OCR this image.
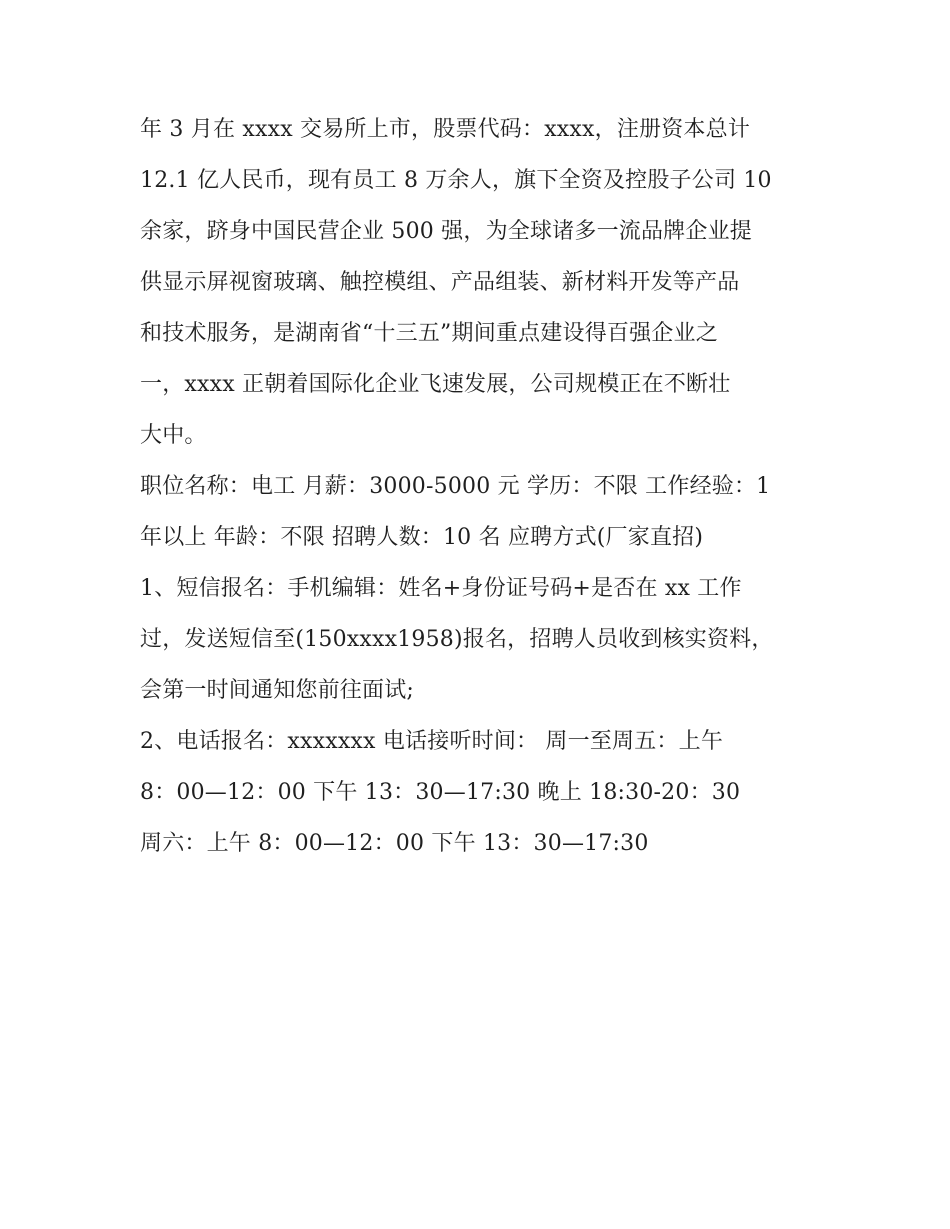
年 3 月在 xxxx 交易所上市，股票代码：xxxx，注册资本总计
12.1 亿人民币，现有员工 8 万余人，旗下全资及控股子公司 10
余家，跻身中国民营企业 500 强，为全球诸多一流品牌企业提
供显示屏视窗玻璃、触控模组、产品组装、新材料开发等产品
和技术服务，是湖南省“十三五”期间重点建设得百强企业之
一，xxxx 正朝着国际化企业飞速发展，公司规模正在不断壮
大中。
职位名称：电工 月薪：3000-5000 元 学历：不限 工作经验：1
年以上 年龄：不限 招聘人数：10 名 应聘方式(厂家直招)
1、短信报名：手机编辑：姓名+身份证号码+是否在 xx 工作
过，发送短信至(150xxxx1958)报名，招聘人员收到核实资料，
会第一时间通知您前往面试;
2、电话报名：xxxxxxx 电话接听时间： 周一至周五：上午
8：00—12：00 下午 13：30—17:30 晚上 18:30-20：30
周六：上午 8：00—12：00 下午 13：30—17:30
